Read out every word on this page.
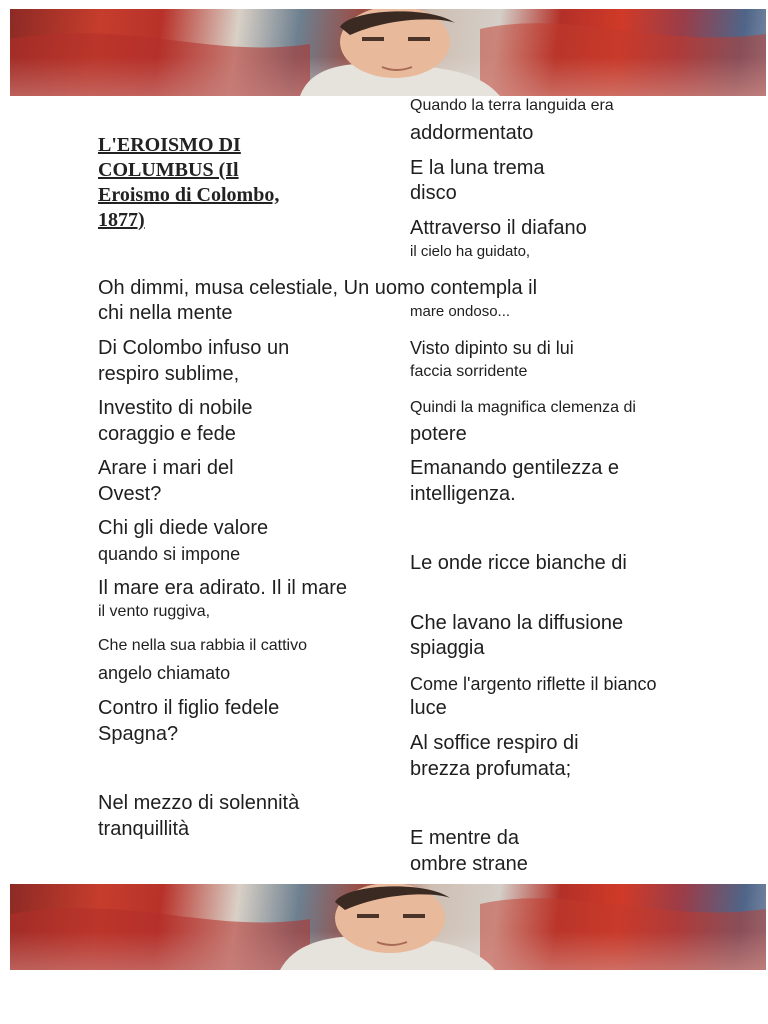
L'EROISMO DI
COLUMBUS (Il
Eroismo di Colombo,
1877)

Oh dimmi, musa celestiale, Un uomo contempla il

chi nella mente

Di Colombo infuso un

respiro sublime,

Investito di nobile

coraggio e fede

Arare i mari del

Ovest?

Chi gli diede valore

quando si impone

Il mare era adirato. Il il mare

il vento ruggiva,

Che nella sua rabbia il cattivo

angelo chiamato

Contro il figlio fedele

Spagna?

Nel mezzo di solennità

tranquillità

Quando la terra languida era

addormentato

E la luna trema

disco

Attraverso il diafano

il cielo ha guidato,

mare ondoso...

Visto dipinto su di lui

faccia sorridente

Quindi la magnifica clemenza di

potere

Emanando gentilezza e

intelligenza.

Le onde ricce bianche di

Che lavano la diffusione

spiaggia

Come l'argento riflette il bianco

luce

Al soffice respiro di

brezza profumata;

E mentre da

ombre strane
